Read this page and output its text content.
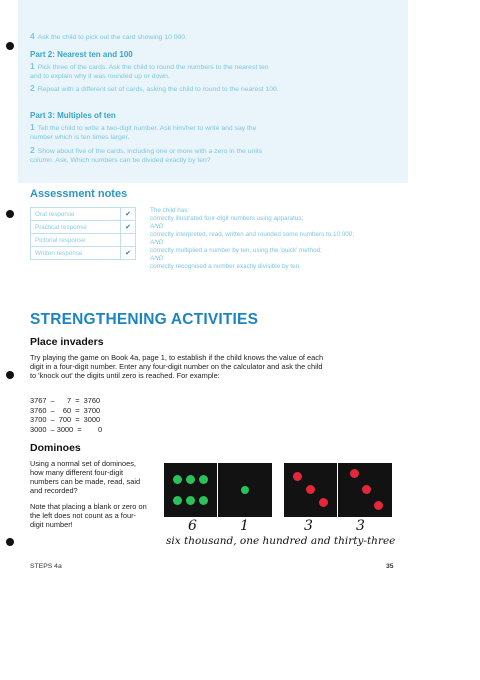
4 Ask the child to pick out the card showing 10 000.
Part 2: Nearest ten and 100
1 Pick three of the cards. Ask the child to round the numbers to the nearest ten and to explain why it was rounded up or down.
2 Repeat with a different set of cards, asking the child to round to the nearest 100.
Part 3: Multiples of ten
1 Tell the child to write a two-digit number. Ask him/her to write and say the number which is ten times larger.
2 Show about five of the cards, including one or more with a zero in the units column. Ask, Which numbers can be divided exactly by ten?
Assessment notes
Oral response	✔
Practical response	✔
Pictorial response	
Written response	✔
The child has:
correctly illustrated four-digit numbers using apparatus;
AND
correctly interpreted, read, written and rounded some numbers to 10 000;
AND
correctly multiplied a number by ten, using the 'quick' method;
AND
correctly recognised a number exactly divisible by ten.
STRENGTHENING ACTIVITIES
Place invaders
Try playing the game on Book 4a, page 1, to establish if the child knows the value of each digit in a four-digit number. Enter any four-digit number on the calculator and ask the child to 'knock out' the digits until zero is reached. For example:
3767  –      7  =  3760
3760  –    60  =  3700
3700  –  700  =  3000
3000  – 3000  =        0
Dominoes
Using a normal set of dominoes, how many different four-digit numbers can be made, read, said and recorded?
Note that placing a blank or zero on the left does not count as a four-digit number!	6	1	3	3
six thousand, one hundred and thirty-three
STEPS 4a	35
